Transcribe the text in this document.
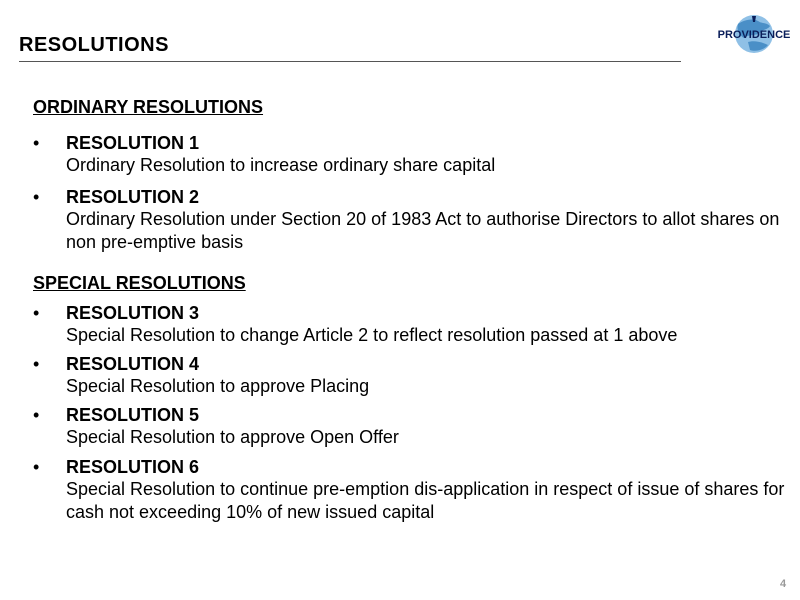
RESOLUTIONS	PROVIDENCE
ORDINARY RESOLUTIONS
• RESOLUTION 1
Ordinary Resolution to increase ordinary share capital
• RESOLUTION 2
Ordinary Resolution under Section 20 of 1983 Act to authorise Directors to allot shares on non pre-emptive basis
SPECIAL RESOLUTIONS
• RESOLUTION 3
Special Resolution to change Article 2 to reflect resolution passed at 1 above
• RESOLUTION 4
Special Resolution to approve Placing
• RESOLUTION 5
Special Resolution to approve Open Offer
• RESOLUTION 6
Special Resolution to continue pre-emption dis-application in respect of issue of shares for cash not exceeding 10% of new issued capital
4
